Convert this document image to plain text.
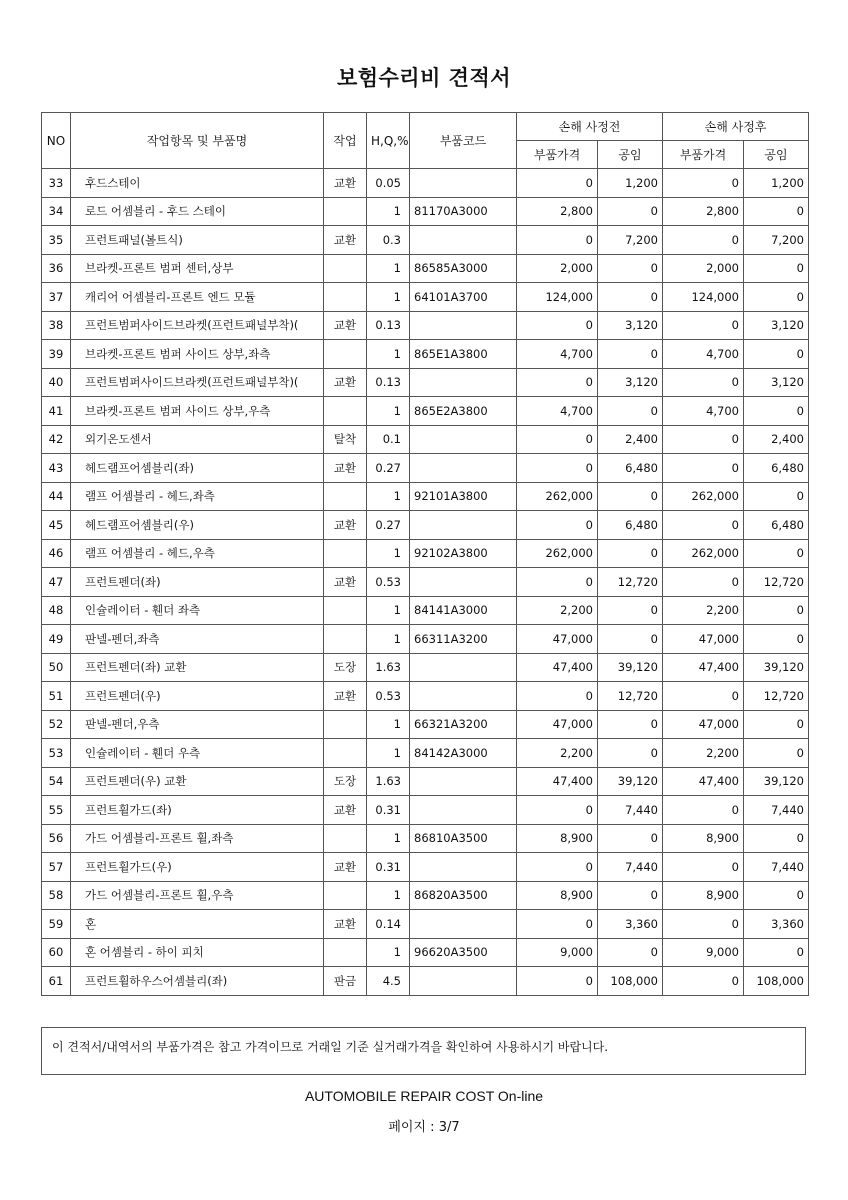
보험수리비 견적서
NO	작업항목 및 부품명	작업	H,Q,%	부품코드	손해 사정전		손해 사정후	
					부품가격	공임	부품가격	공임
33	후드스테이	교환	0.05		0	1,200	0	1,200
34	로드 어셈블리 - 후드 스테이		1	81170A3000	2,800	0	2,800	0
35	프런트패널(볼트식)	교환	0.3		0	7,200	0	7,200
36	브라켓-프론트 범퍼 센터,상부		1	86585A3000	2,000	0	2,000	0
37	캐리어 어셈블리-프론트 엔드 모듈		1	64101A3700	124,000	0	124,000	0
38	프런트범퍼사이드브라켓(프런트패널부착)(	교환	0.13		0	3,120	0	3,120
39	브라켓-프론트 범퍼 사이드 상부,좌측		1	865E1A3800	4,700	0	4,700	0
40	프런트범퍼사이드브라켓(프런트패널부착)(	교환	0.13		0	3,120	0	3,120
41	브라켓-프론트 범퍼 사이드 상부,우측		1	865E2A3800	4,700	0	4,700	0
42	외기온도센서	탈착	0.1		0	2,400	0	2,400
43	헤드램프어셈블리(좌)	교환	0.27		0	6,480	0	6,480
44	램프 어셈블리 - 헤드,좌측		1	92101A3800	262,000	0	262,000	0
45	헤드램프어셈블리(우)	교환	0.27		0	6,480	0	6,480
46	램프 어셈블리 - 헤드,우측		1	92102A3800	262,000	0	262,000	0
47	프런트펜더(좌)	교환	0.53		0	12,720	0	12,720
48	인슐레이터 - 휀더 좌측		1	84141A3000	2,200	0	2,200	0
49	판넬-펜더,좌측		1	66311A3200	47,000	0	47,000	0
50	프런트펜더(좌) 교환	도장	1.63		47,400	39,120	47,400	39,120
51	프런트펜더(우)	교환	0.53		0	12,720	0	12,720
52	판넬-펜더,우측		1	66321A3200	47,000	0	47,000	0
53	인슐레이터 - 휀더 우측		1	84142A3000	2,200	0	2,200	0
54	프런트펜더(우) 교환	도장	1.63		47,400	39,120	47,400	39,120
55	프런트휠가드(좌)	교환	0.31		0	7,440	0	7,440
56	가드 어셈블리-프론트 휠,좌측		1	86810A3500	8,900	0	8,900	0
57	프런트휠가드(우)	교환	0.31		0	7,440	0	7,440
58	가드 어셈블리-프론트 휠,우측		1	86820A3500	8,900	0	8,900	0
59	혼	교환	0.14		0	3,360	0	3,360
60	혼 어셈블리 - 하이 피치		1	96620A3500	9,000	0	9,000	0
61	프런트휠하우스어셈블리(좌)	판금	4.5		0	108,000	0	108,000
이 견적서/내역서의 부품가격은 참고 가격이므로 거래일 기준 실거래가격을 확인하여 사용하시기 바랍니다.
AUTOMOBILE REPAIR COST On-line
페이지 : 3/7
